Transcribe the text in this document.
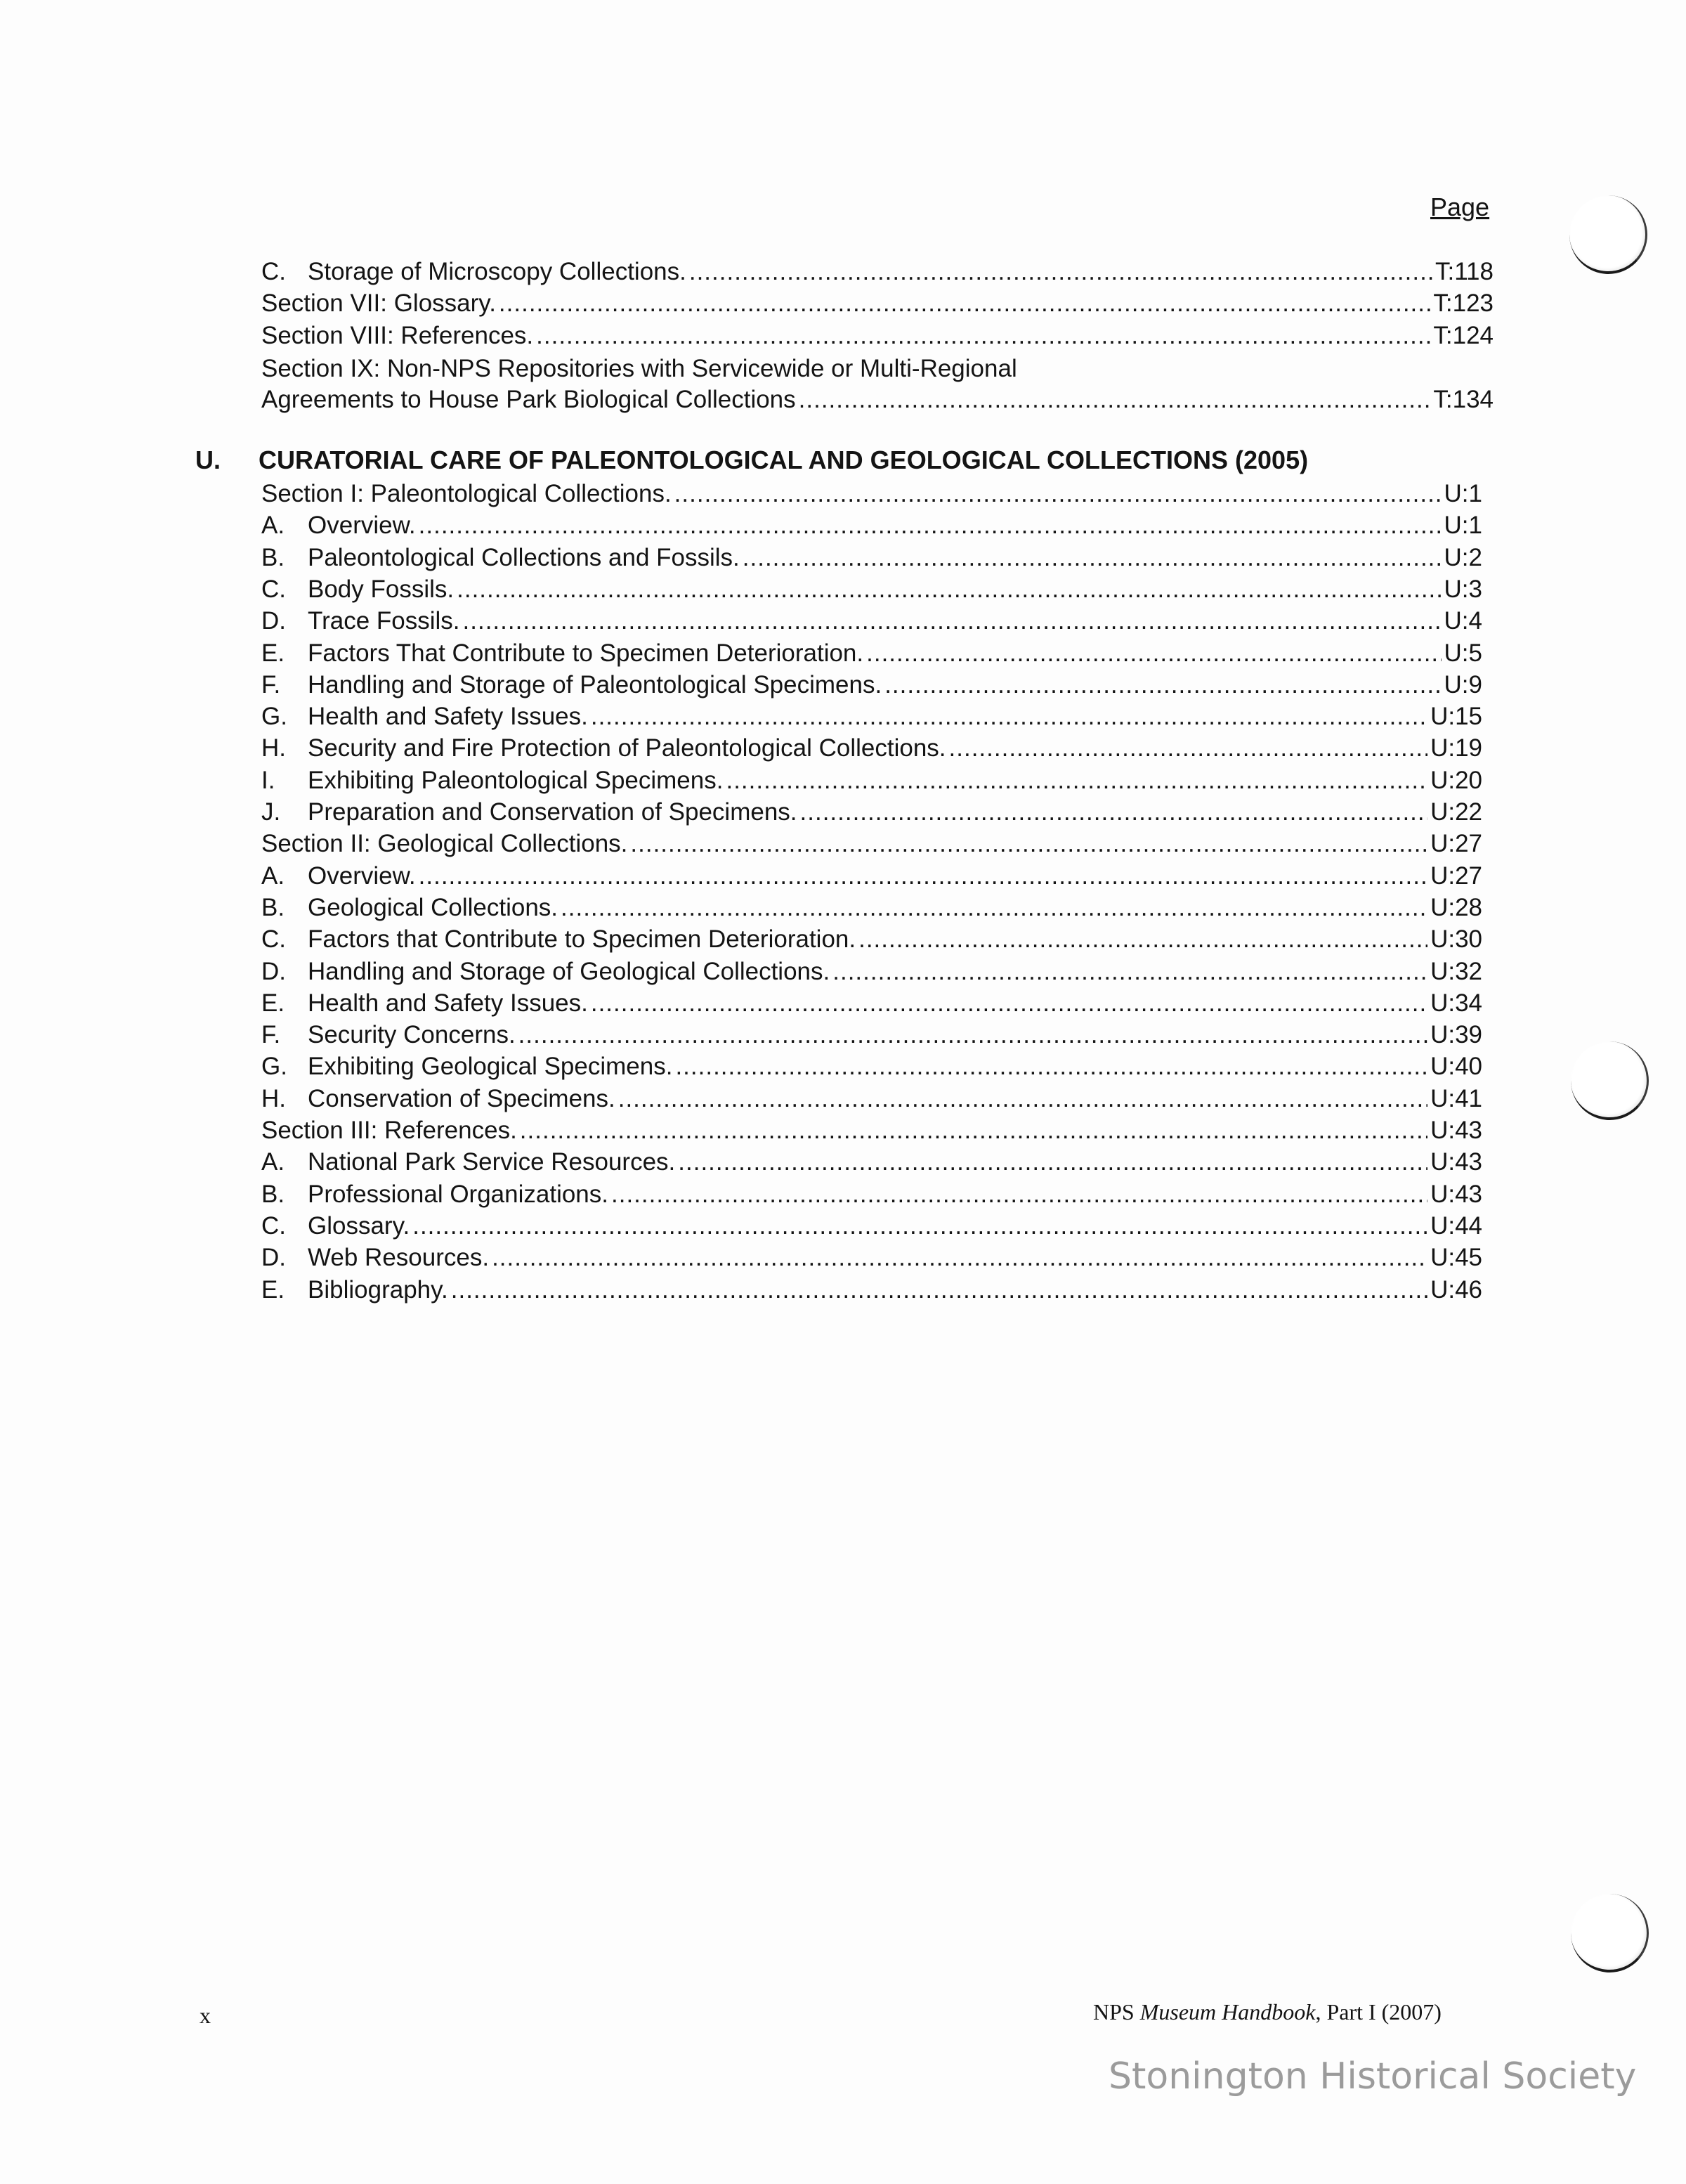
Page
C. Storage of Microscopy Collections. .....	T:118
Section VII: Glossary. .....	T:123
Section VIII: References. .....	T:124
Section IX: Non-NPS Repositories with Servicewide or Multi-Regional
Agreements to House Park Biological Collections .....	T:134
U. CURATORIAL CARE OF PALEONTOLOGICAL AND GEOLOGICAL COLLECTIONS (2005)
Section I: Paleontological Collections. .....	U:1
A. Overview. .....	U:1
B. Paleontological Collections and Fossils. .....	U:2
C. Body Fossils. .....	U:3
D. Trace Fossils. .....	U:4
E. Factors That Contribute to Specimen Deterioration. .....	U:5
F. Handling and Storage of Paleontological Specimens. .....	U:9
G. Health and Safety Issues. .....	U:15
H. Security and Fire Protection of Paleontological Collections. .....	U:19
I. Exhibiting Paleontological Specimens. .....	U:20
J. Preparation and Conservation of Specimens. .....	U:22
Section II: Geological Collections. .....	U:27
A. Overview. .....	U:27
B. Geological Collections. .....	U:28
C. Factors that Contribute to Specimen Deterioration. .....	U:30
D. Handling and Storage of Geological Collections. .....	U:32
E. Health and Safety Issues. .....	U:34
F. Security Concerns. .....	U:39
G. Exhibiting Geological Specimens. .....	U:40
H. Conservation of Specimens. .....	U:41
Section III: References. .....	U:43
A. National Park Service Resources. .....	U:43
B. Professional Organizations. .....	U:43
C. Glossary. .....	U:44
D. Web Resources. .....	U:45
E. Bibliography. .....	U:46
x	NPS Museum Handbook, Part I (2007)
Stonington Historical Society
